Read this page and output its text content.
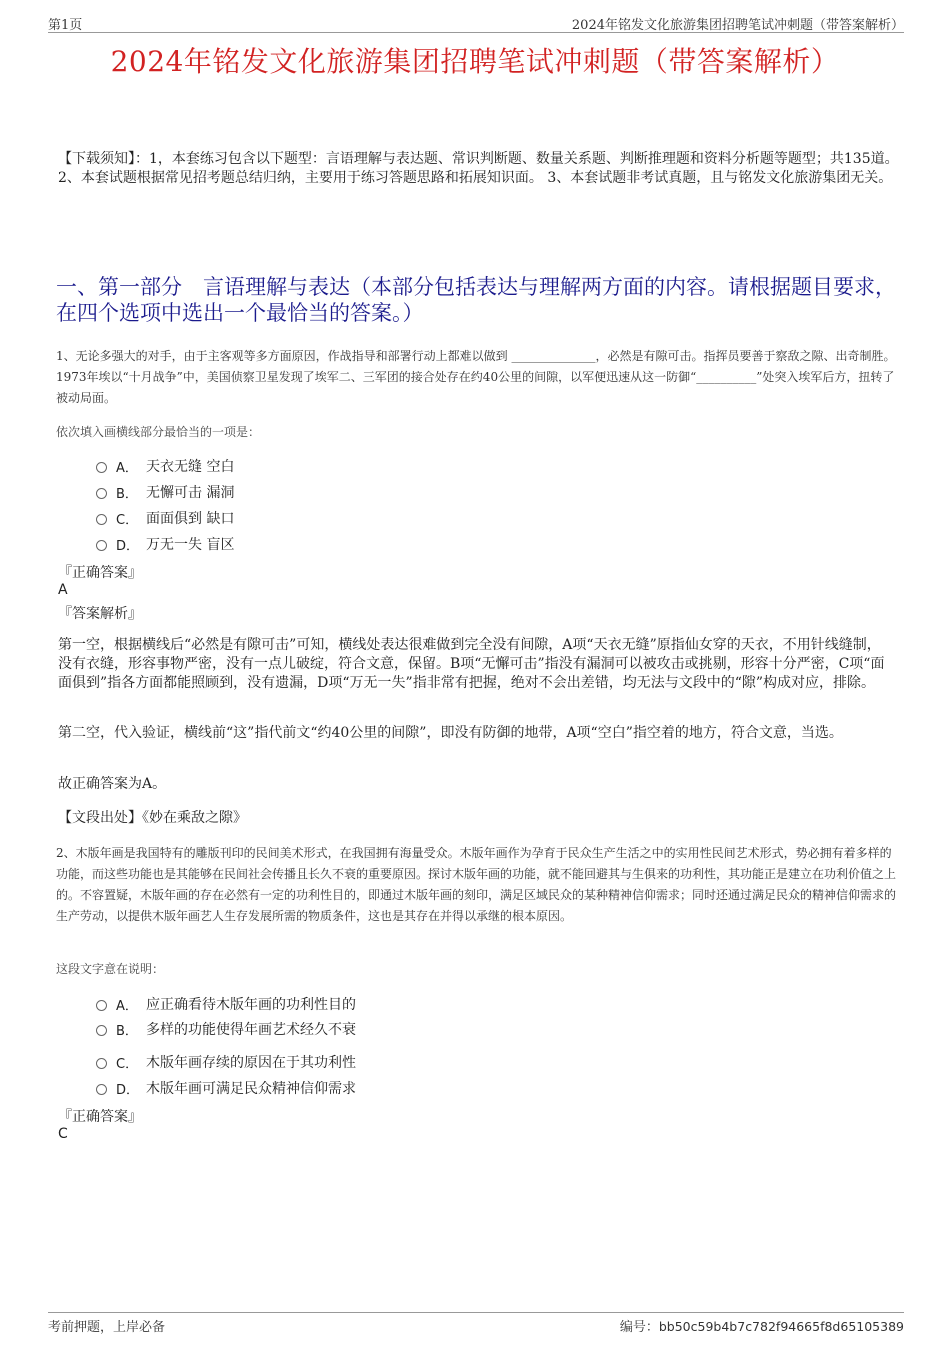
第1页	2024年铭发文化旅游集团招聘笔试冲刺题（带答案解析）
2024年铭发文化旅游集团招聘笔试冲刺题（带答案解析）
【下载须知】：1，本套练习包含以下题型：言语理解与表达题、常识判断题、数量关系题、判断推理题和资料分析题等题型；共135道。 2、本套试题根据常见招考题总结归纳，主要用于练习答题思路和拓展知识面。 3、本套试题非考试真题，且与铭发文化旅游集团无关。
一、第一部分　言语理解与表达（本部分包括表达与理解两方面的内容。请根据题目要求，在四个选项中选出一个最恰当的答案。）
1、无论多强大的对手，由于主客观等多方面原因，作战指导和部署行动上都难以做到 ______________，必然是有隙可击。指挥员要善于察敌之隙、出奇制胜。1973年埃以“十月战争”中，美国侦察卫星发现了埃军二、三军团的接合处存在约40公里的间隙，以军便迅速从这一防御“__________”处突入埃军后方，扭转了被动局面。
依次填入画横线部分最恰当的一项是：
A． 天衣无缝 空白
B． 无懈可击 漏洞
C． 面面俱到 缺口
D． 万无一失 盲区
『正确答案』
A
『答案解析』
第一空，根据横线后“必然是有隙可击”可知，横线处表达很难做到完全没有间隙，A项“天衣无缝”原指仙女穿的天衣，不用针线缝制，没有衣缝，形容事物严密，没有一点儿破绽，符合文意，保留。B项“无懈可击”指没有漏洞可以被攻击或挑剔，形容十分严密，C项“面面俱到”指各方面都能照顾到，没有遗漏，D项“万无一失”指非常有把握，绝对不会出差错，均无法与文段中的“隙”构成对应，排除。
第二空，代入验证，横线前“这”指代前文“约40公里的间隙”，即没有防御的地带，A项“空白”指空着的地方，符合文意，当选。
故正确答案为A。
【文段出处】《妙在乘敌之隙》
2、木版年画是我国特有的雕版刊印的民间美术形式，在我国拥有海量受众。木版年画作为孕育于民众生产生活之中的实用性民间艺术形式，势必拥有着多样的功能，而这些功能也是其能够在民间社会传播且长久不衰的重要原因。探讨木版年画的功能，就不能回避其与生俱来的功利性，其功能正是建立在功利价值之上的。不容置疑，木版年画的存在必然有一定的功利性目的，即通过木版年画的刻印，满足区域民众的某种精神信仰需求；同时还通过满足民众的精神信仰需求的生产劳动，以提供木版年画艺人生存发展所需的物质条件，这也是其存在并得以承继的根本原因。
这段文字意在说明：
A． 应正确看待木版年画的功利性目的
B． 多样的功能使得年画艺术经久不衰
C． 木版年画存续的原因在于其功利性
D． 木版年画可满足民众精神信仰需求
『正确答案』
C
考前押题，上岸必备	编号：bb50c59b4b7c782f94665f8d65105389
